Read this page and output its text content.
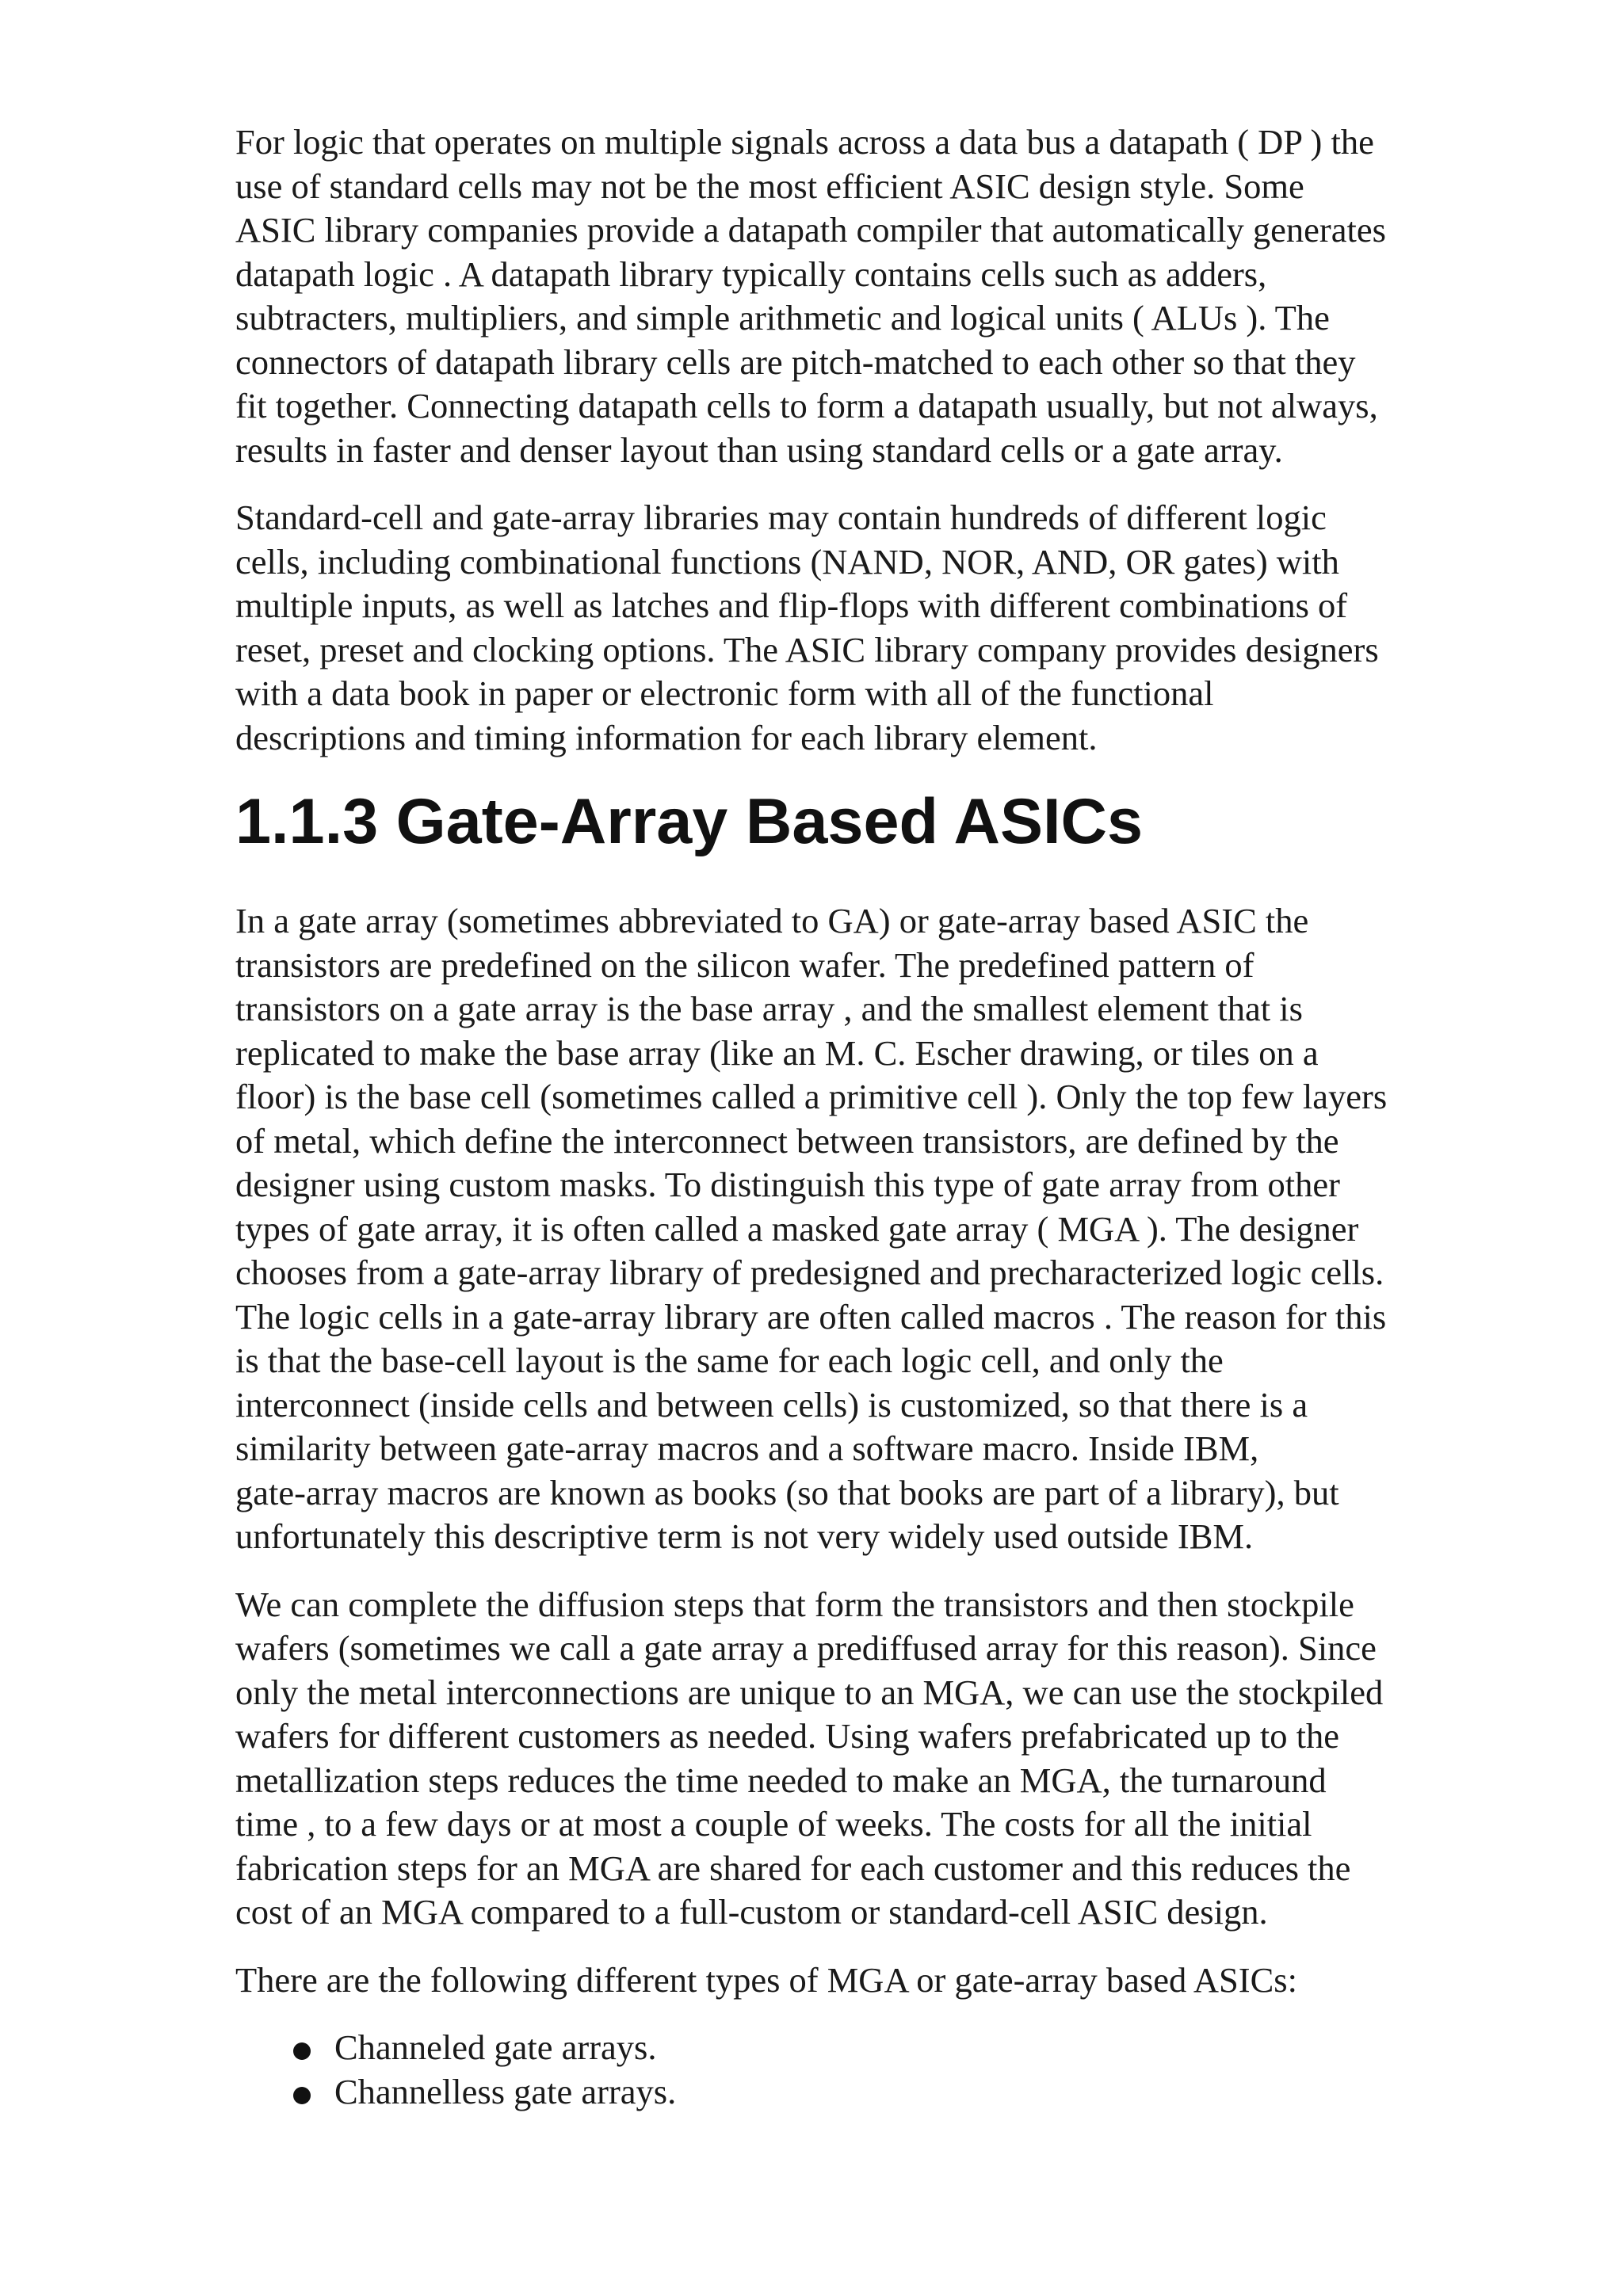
For logic that operates on multiple signals across a data bus a datapath ( DP ) the
use of standard cells may not be the most efficient ASIC design style. Some
ASIC library companies provide a datapath compiler that automatically generates
datapath logic . A datapath library typically contains cells such as adders,
subtracters, multipliers, and simple arithmetic and logical units ( ALUs ). The
connectors of datapath library cells are pitch-matched to each other so that they
fit together. Connecting datapath cells to form a datapath usually, but not always,
results in faster and denser layout than using standard cells or a gate array.

Standard-cell and gate-array libraries may contain hundreds of different logic
cells, including combinational functions (NAND, NOR, AND, OR gates) with
multiple inputs, as well as latches and flip-flops with different combinations of
reset, preset and clocking options. The ASIC library company provides designers
with a data book in paper or electronic form with all of the functional
descriptions and timing information for each library element.

1.1.3 Gate-Array Based ASICs

In a gate array (sometimes abbreviated to GA) or gate-array based ASIC the
transistors are predefined on the silicon wafer. The predefined pattern of
transistors on a gate array is the base array , and the smallest element that is
replicated to make the base array (like an M. C. Escher drawing, or tiles on a
floor) is the base cell (sometimes called a primitive cell ). Only the top few layers
of metal, which define the interconnect between transistors, are defined by the
designer using custom masks. To distinguish this type of gate array from other
types of gate array, it is often called a masked gate array ( MGA ). The designer
chooses from a gate-array library of predesigned and precharacterized logic cells.
The logic cells in a gate-array library are often called macros . The reason for this
is that the base-cell layout is the same for each logic cell, and only the
interconnect (inside cells and between cells) is customized, so that there is a
similarity between gate-array macros and a software macro. Inside IBM,
gate-array macros are known as books (so that books are part of a library), but
unfortunately this descriptive term is not very widely used outside IBM.

We can complete the diffusion steps that form the transistors and then stockpile
wafers (sometimes we call a gate array a prediffused array for this reason). Since
only the metal interconnections are unique to an MGA, we can use the stockpiled
wafers for different customers as needed. Using wafers prefabricated up to the
metallization steps reduces the time needed to make an MGA, the turnaround
time , to a few days or at most a couple of weeks. The costs for all the initial
fabrication steps for an MGA are shared for each customer and this reduces the
cost of an MGA compared to a full-custom or standard-cell ASIC design.

There are the following different types of MGA or gate-array based ASICs:

Channeled gate arrays.
Channelless gate arrays.
